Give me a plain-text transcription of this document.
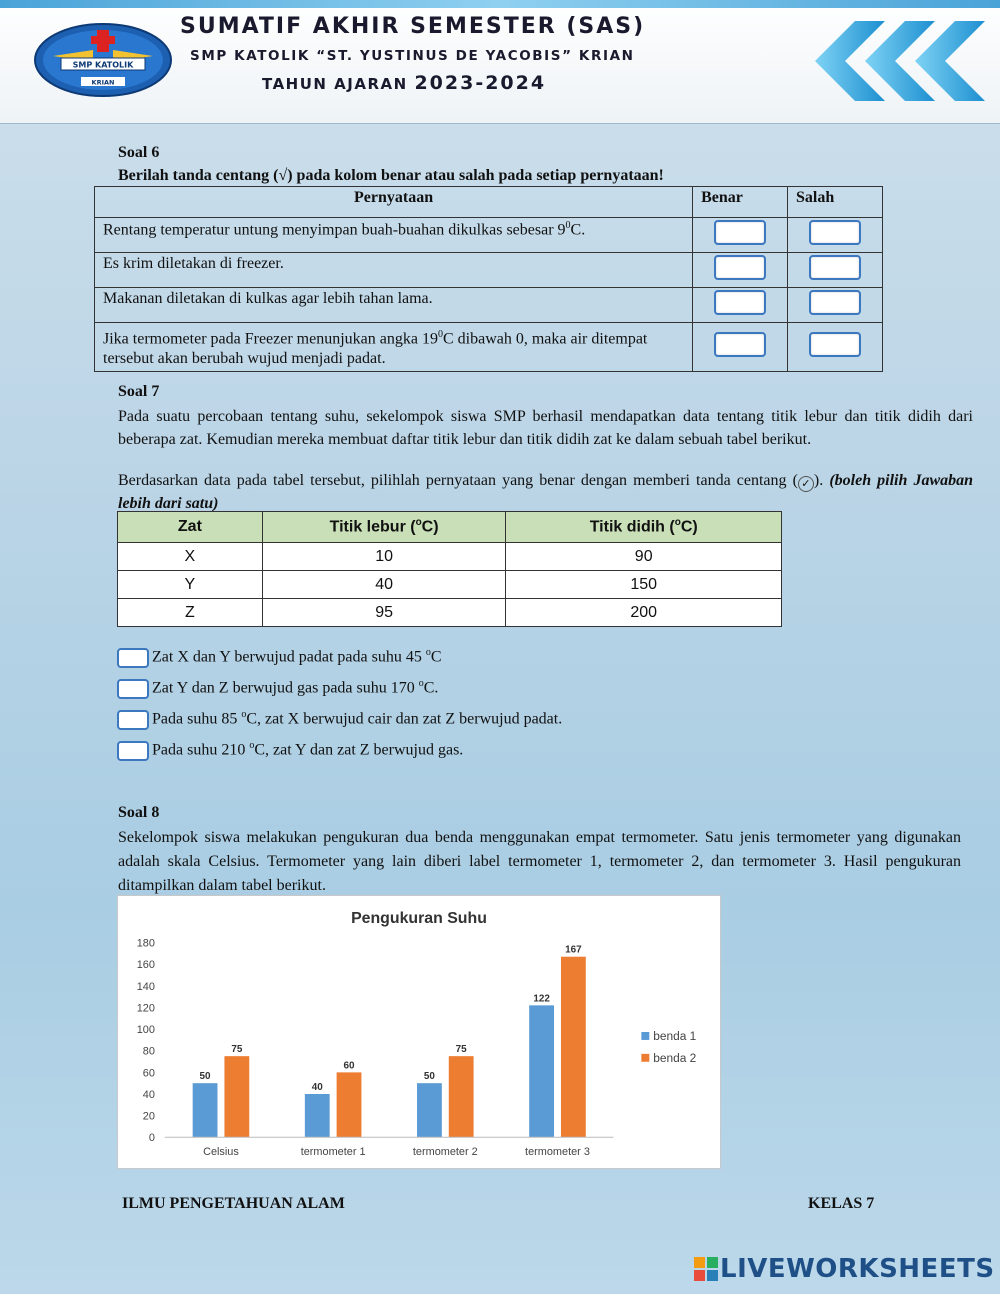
SMP KATOLIK
KRIAN
SUMATIF AKHIR SEMESTER (SAS)
SMP KATOLIK “ST. YUSTINUS DE YACOBIS” KRIAN
TAHUN AJARAN 2023-2024
Soal 6
Berilah tanda centang (√) pada kolom benar atau salah pada setiap pernyataan!
Pernyataan	Benar	Salah
Rentang temperatur untung menyimpan buah-buahan dikulkas sebesar $9^0C$.		
Es krim diletakan di freezer.		
Makanan diletakan di kulkas agar lebih tahan lama.		
Jika termometer pada Freezer menunjukan angka $19^0C$ dibawah 0, maka air ditempat tersebut akan berubah wujud menjadi padat.		
Soal 7
Pada suatu percobaan tentang suhu, sekelompok siswa SMP berhasil mendapatkan data tentang titik lebur dan titik didih dari beberapa zat. Kemudian mereka membuat daftar titik lebur dan titik didih zat ke dalam sebuah tabel berikut.
Berdasarkan data pada tabel tersebut, pilihlah pernyataan yang benar dengan memberi tanda centang ( ✓ ). (boleh pilih Jawaban lebih dari satu)
Zat	Titik lebur ($^o$C)	Titik didih ($^o$C)
X	10	90
Y	40	150
Z	95	200
Zat X dan Y berwujud padat pada suhu 45 $^o$C
Zat Y dan Z berwujud gas pada suhu 170 $^o$C.
Pada suhu 85 $^o$C, zat X berwujud cair dan zat Z berwujud padat.
Pada suhu 210 $^o$C, zat Y dan zat Z berwujud gas.
Soal 8
Sekelompok siswa melakukan pengukuran dua benda menggunakan empat termometer. Satu jenis termometer yang digunakan adalah skala Celsius. Termometer yang lain diberi label termometer 1, termometer 2, dan termometer 3. Hasil pengukuran ditampilkan dalam tabel berikut.
Pengukuran Suhu
0
20
40
60
80
100
120
140
160
180
50
75
40
60
50
75
122
167
Celsius	termometer 1	termometer 2	termometer 3
benda 1
benda 2
ILMU PENGETAHUAN ALAM	KELAS 7
LIVEWORKSHEETS
